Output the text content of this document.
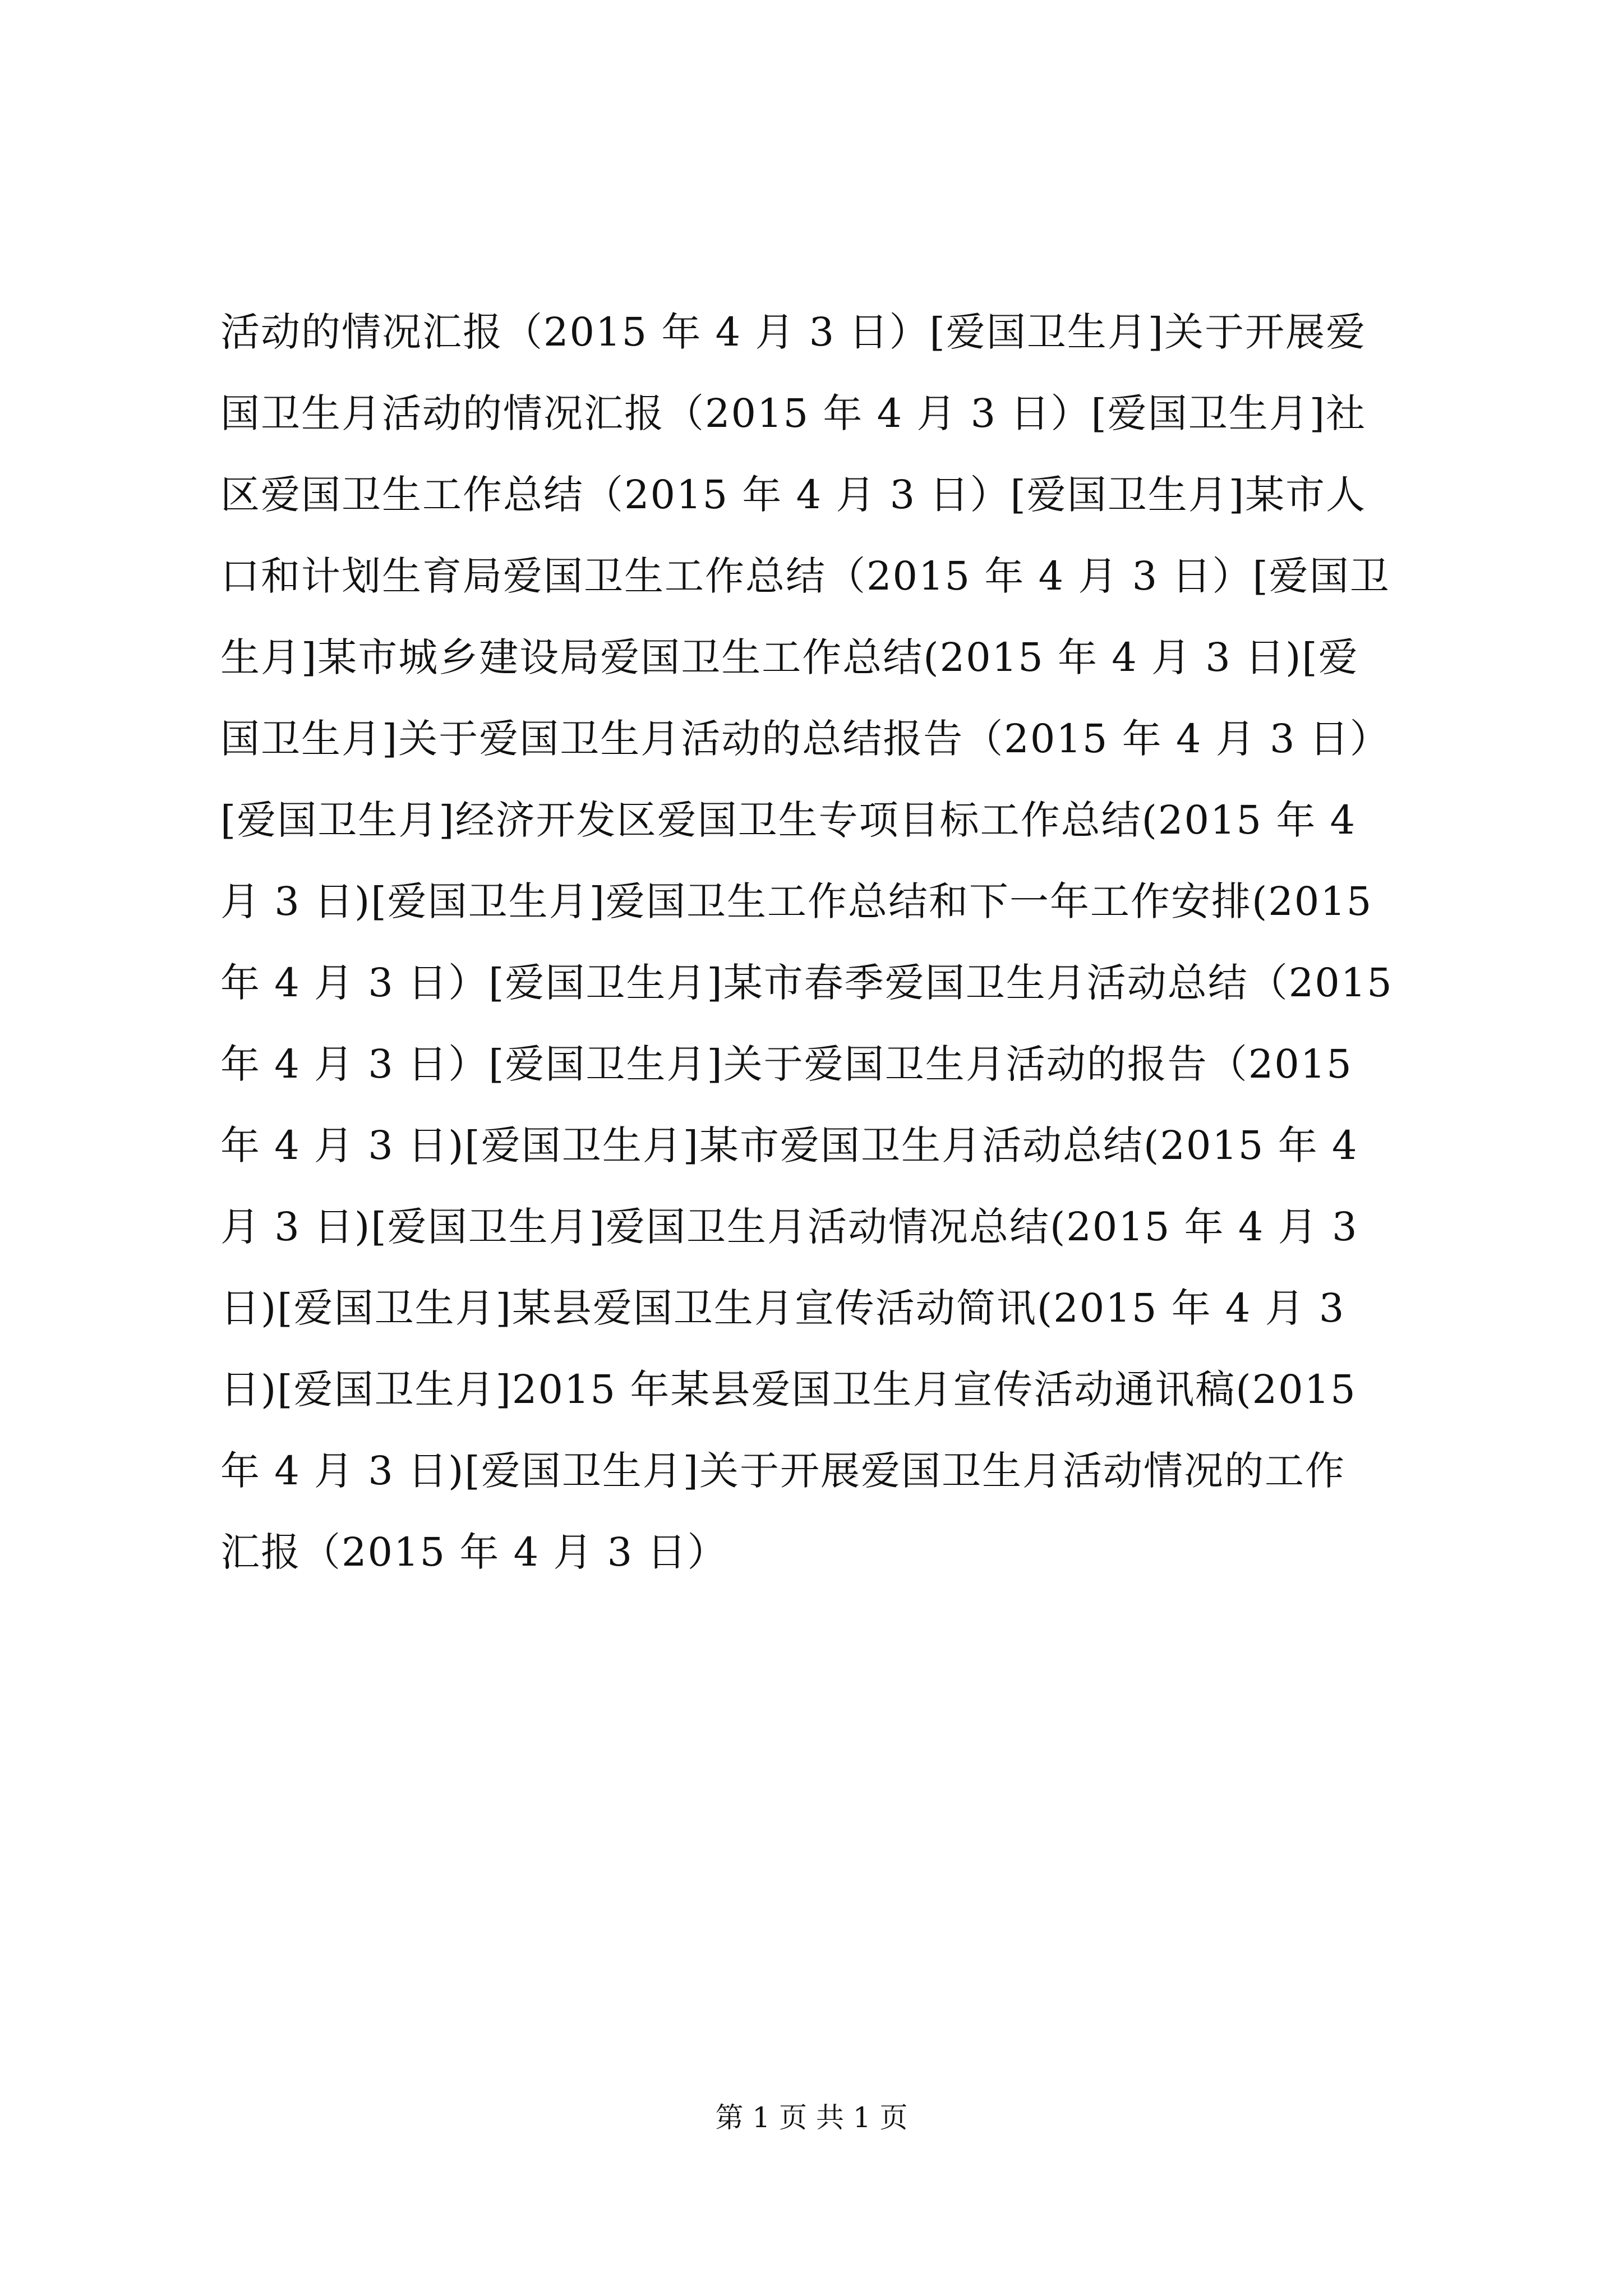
活动的情况汇报（2015 年 4 月 3 日）[爱国卫生月]关于开展爱
国卫生月活动的情况汇报（2015 年 4 月 3 日）[爱国卫生月]社
区爱国卫生工作总结（2015 年 4 月 3 日）[爱国卫生月]某市人
口和计划生育局爱国卫生工作总结（2015 年 4 月 3 日）[爱国卫
生月]某市城乡建设局爱国卫生工作总结(2015 年 4 月 3 日)[爱
国卫生月]关于爱国卫生月活动的总结报告（2015 年 4 月 3 日）
[爱国卫生月]经济开发区爱国卫生专项目标工作总结(2015 年 4
月 3 日)[爱国卫生月]爱国卫生工作总结和下一年工作安排(2015
年 4 月 3 日）[爱国卫生月]某市春季爱国卫生月活动总结（2015
年 4 月 3 日）[爱国卫生月]关于爱国卫生月活动的报告（2015
年 4 月 3 日)[爱国卫生月]某市爱国卫生月活动总结(2015 年 4
月 3 日)[爱国卫生月]爱国卫生月活动情况总结(2015 年 4 月 3
日)[爱国卫生月]某县爱国卫生月宣传活动简讯(2015 年 4 月 3
日)[爱国卫生月]2015 年某县爱国卫生月宣传活动通讯稿(2015
年 4 月 3 日)[爱国卫生月]关于开展爱国卫生月活动情况的工作
汇报（2015 年 4 月 3 日）
第 1 页 共 1 页
